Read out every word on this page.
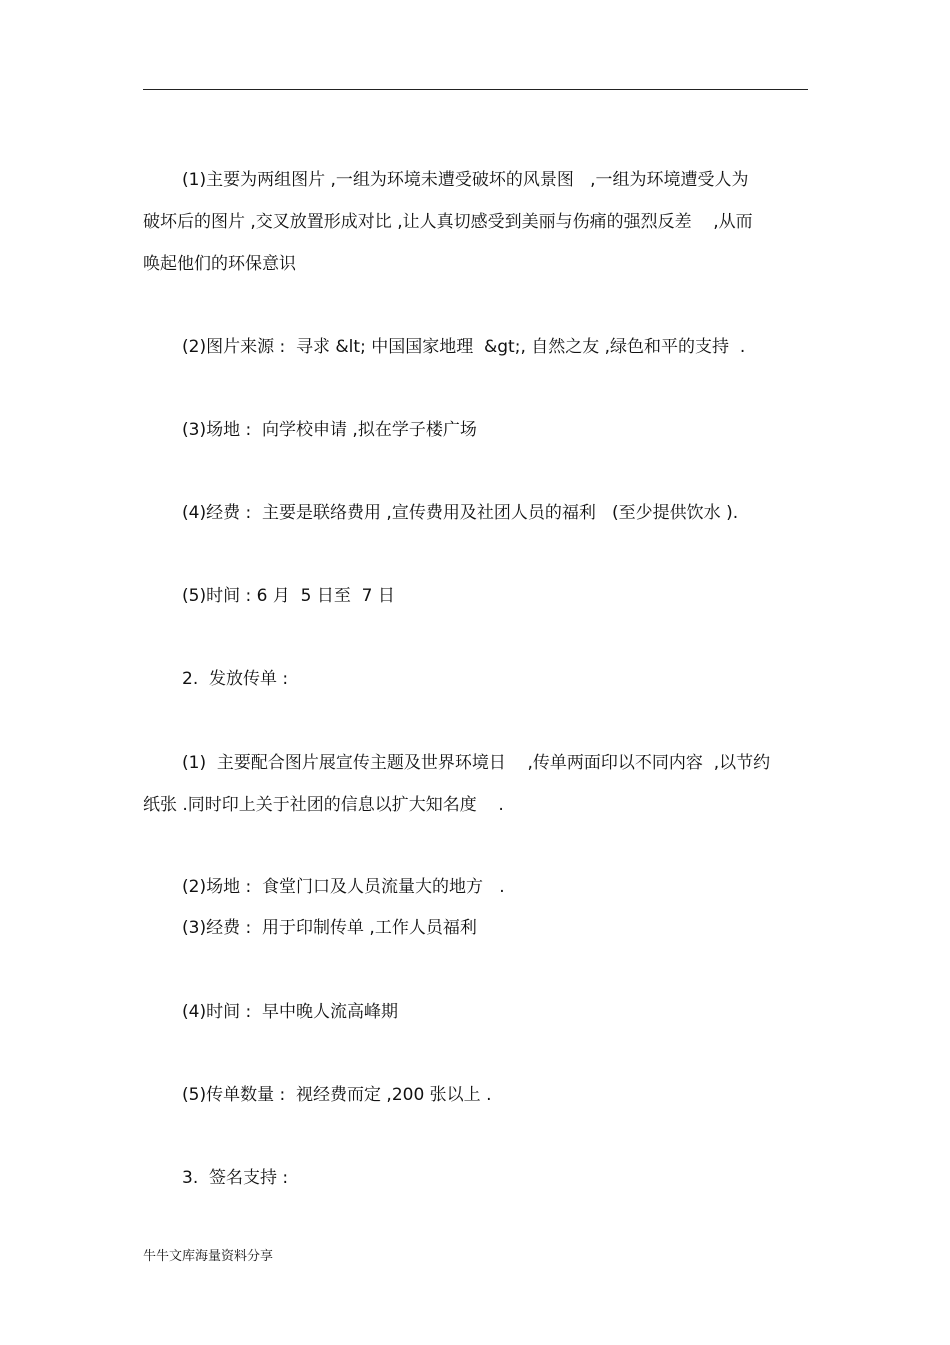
(1)主要为两组图片 ,一组为环境未遭受破坏的风景图   ,一组为环境遭受人为
破坏后的图片 ,交叉放置形成对比 ,让人真切感受到美丽与伤痛的强烈反差    ,从而
唤起他们的环保意识
(2)图片来源 :  寻求 &lt; 中国国家地理  &gt;, 自然之友 ,绿色和平的支持  .
(3)场地 :  向学校申请 ,拟在学子楼广场
(4)经费 :  主要是联络费用 ,宣传费用及社团人员的福利   (至少提供饮水 ).
(5)时间 : 6 月  5 日至  7 日
2.  发放传单 :
(1)  主要配合图片展宣传主题及世界环境日    ,传单两面印以不同内容  ,以节约
纸张 .同时印上关于社团的信息以扩大知名度    .
(2)场地 :  食堂门口及人员流量大的地方   .
(3)经费 :  用于印制传单 ,工作人员福利
(4)时间 :  早中晚人流高峰期
(5)传单数量 :  视经费而定 ,200 张以上 .
3.  签名支持 :
牛牛文库海量资料分享
